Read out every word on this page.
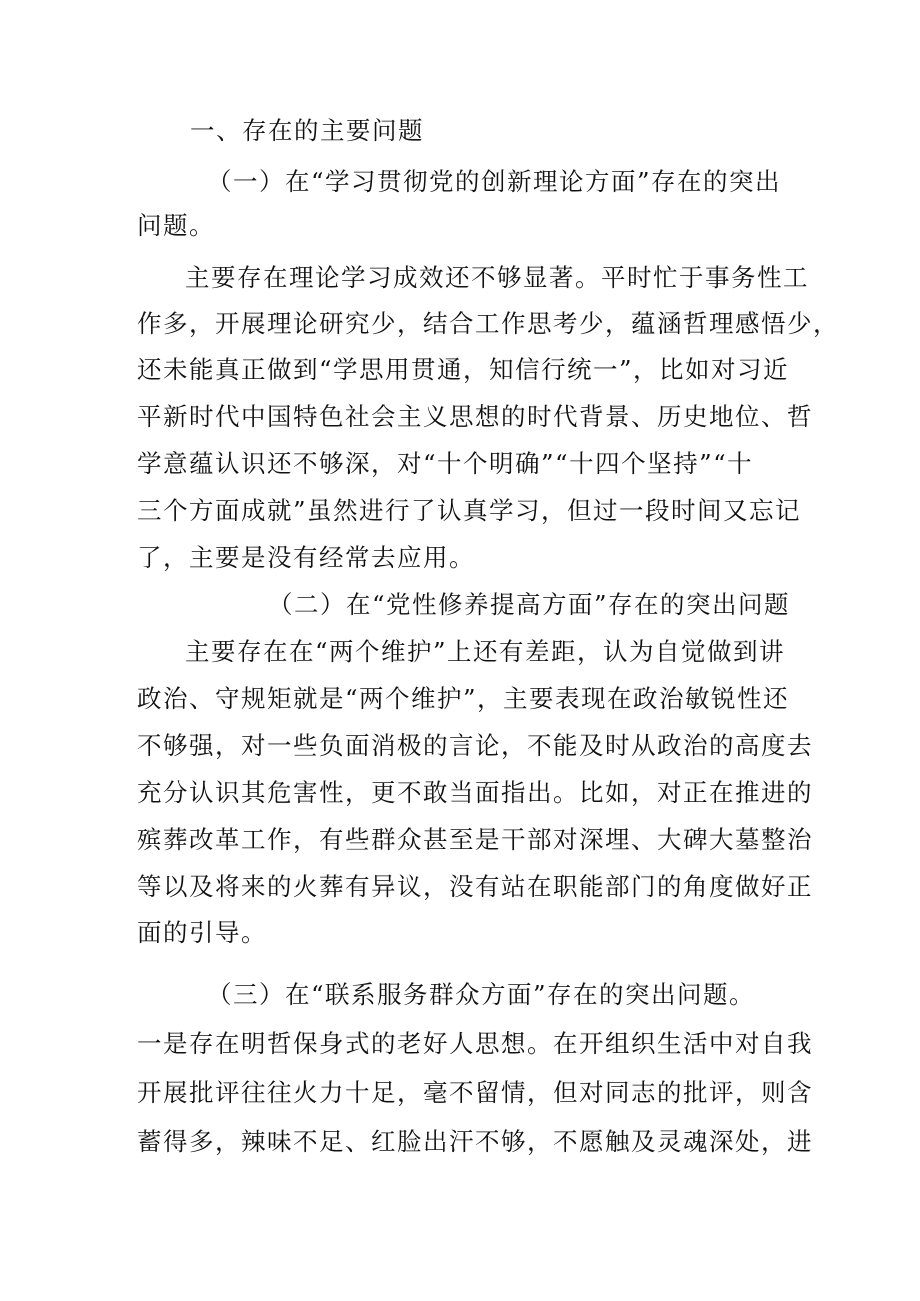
一、存在的主要问题

（一）在“学习贯彻党的创新理论方面”存在的突出

问题。

主要存在理论学习成效还不够显著。平时忙于事务性工

作多，开展理论研究少，结合工作思考少，蕴涵哲理感悟少，

还未能真正做到“学思用贯通，知信行统一”，比如对习近

平新时代中国特色社会主义思想的时代背景、历史地位、哲

学意蕴认识还不够深，对“十个明确”“十四个坚持”“十

三个方面成就”虽然进行了认真学习，但过一段时间又忘记

了，主要是没有经常去应用。

（二）在“党性修养提高方面”存在的突出问题

主要存在在“两个维护”上还有差距，认为自觉做到讲

政治、守规矩就是“两个维护”，主要表现在政治敏锐性还

不够强，对一些负面消极的言论，不能及时从政治的高度去

充分认识其危害性，更不敢当面指出。比如，对正在推进的

殡葬改革工作，有些群众甚至是干部对深埋、大碑大墓整治

等以及将来的火葬有异议，没有站在职能部门的角度做好正

面的引导。

（三）在“联系服务群众方面”存在的突出问题。

一是存在明哲保身式的老好人思想。在开组织生活中对自我

开展批评往往火力十足，毫不留情，但对同志的批评，则含

蓄得多，辣味不足、红脸出汗不够，不愿触及灵魂深处，进
